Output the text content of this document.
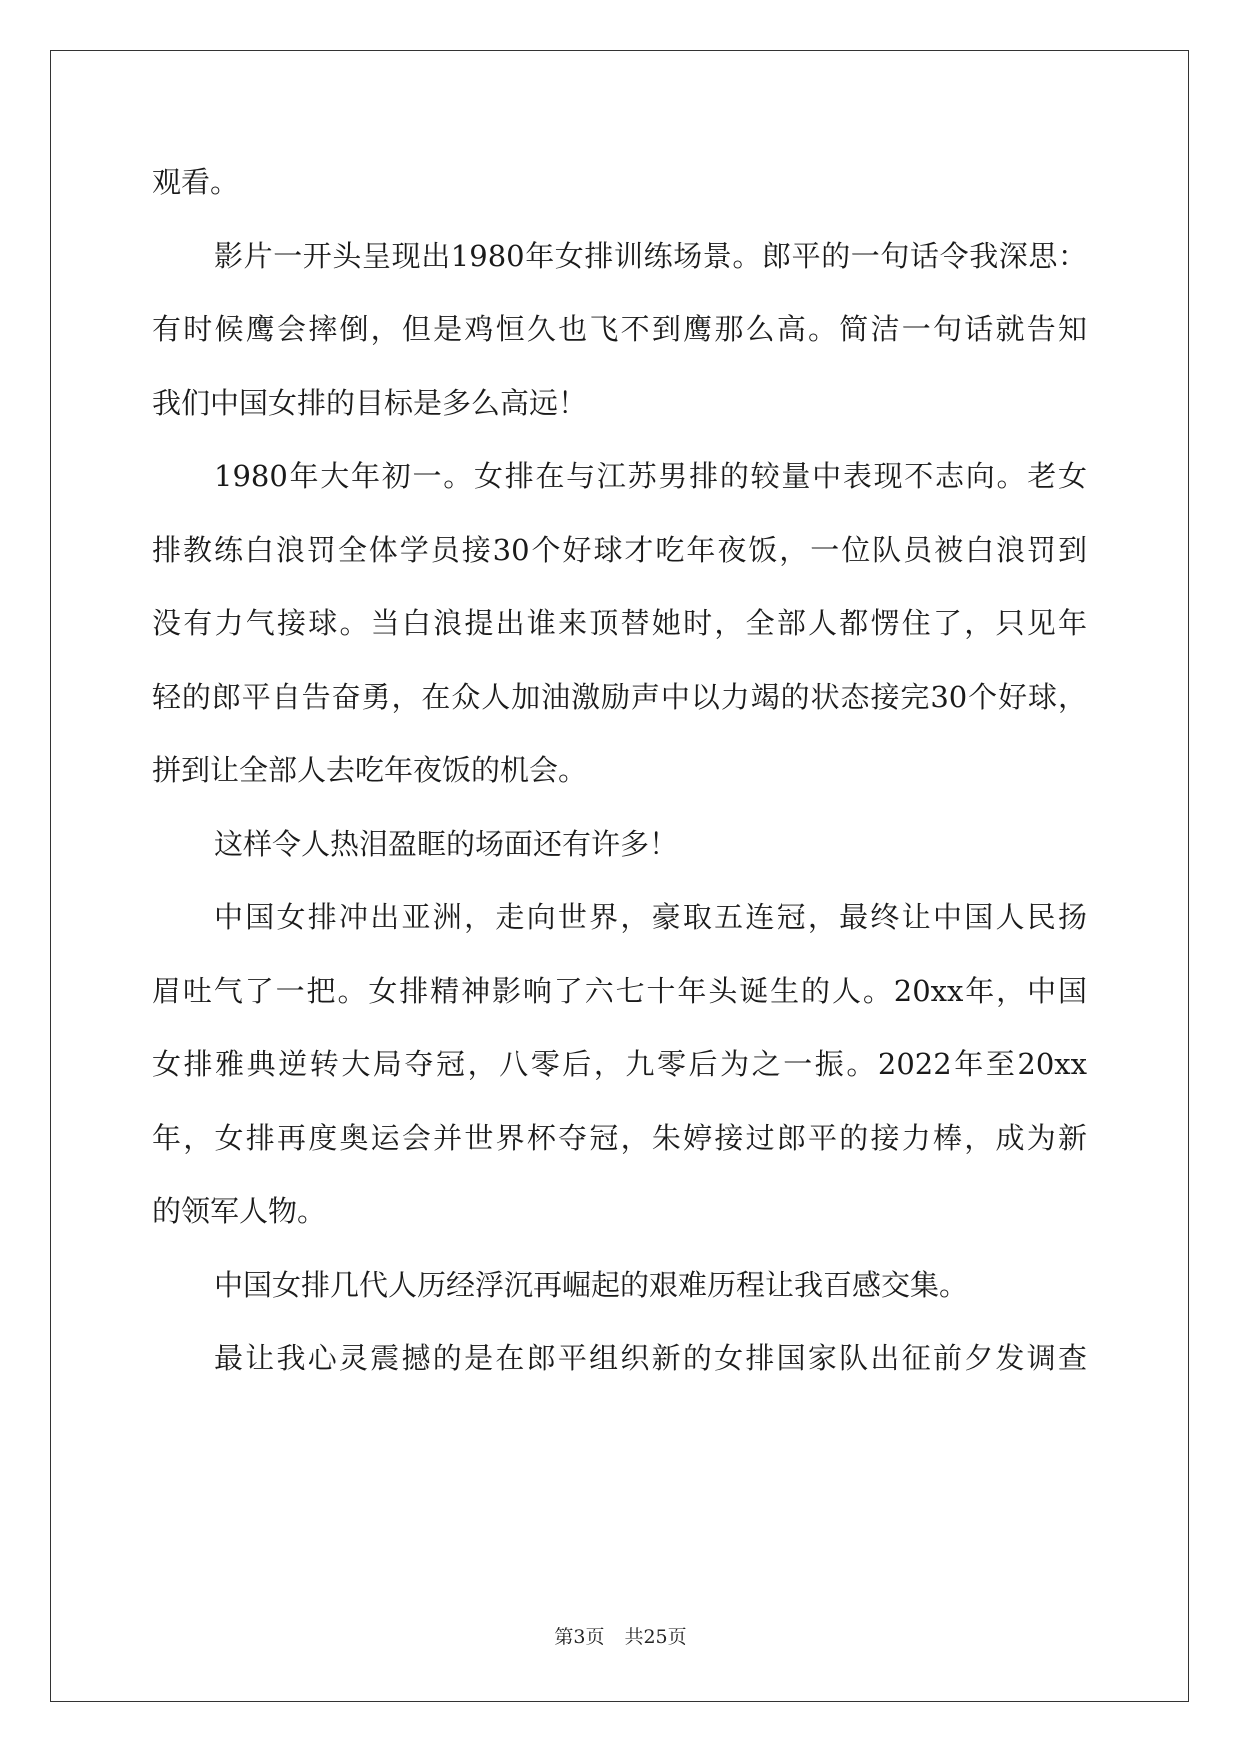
观看。
影片一开头呈现出1980年女排训练场景。郎平的一句话令我深思：
有时候鹰会摔倒，但是鸡恒久也飞不到鹰那么高。简洁一句话就告知
我们中国女排的目标是多么高远！
1980年大年初一。女排在与江苏男排的较量中表现不志向。老女
排教练白浪罚全体学员接30个好球才吃年夜饭，一位队员被白浪罚到
没有力气接球。当白浪提出谁来顶替她时，全部人都愣住了，只见年
轻的郎平自告奋勇，在众人加油激励声中以力竭的状态接完30个好球，
拼到让全部人去吃年夜饭的机会。
这样令人热泪盈眶的场面还有许多！
中国女排冲出亚洲，走向世界，豪取五连冠，最终让中国人民扬
眉吐气了一把。女排精神影响了六七十年头诞生的人。20xx年，中国
女排雅典逆转大局夺冠，八零后，九零后为之一振。2022年至20xx
年，女排再度奥运会并世界杯夺冠，朱婷接过郎平的接力棒，成为新
的领军人物。
中国女排几代人历经浮沉再崛起的艰难历程让我百感交集。
最让我心灵震撼的是在郎平组织新的女排国家队出征前夕发调查
第3页 共25页
